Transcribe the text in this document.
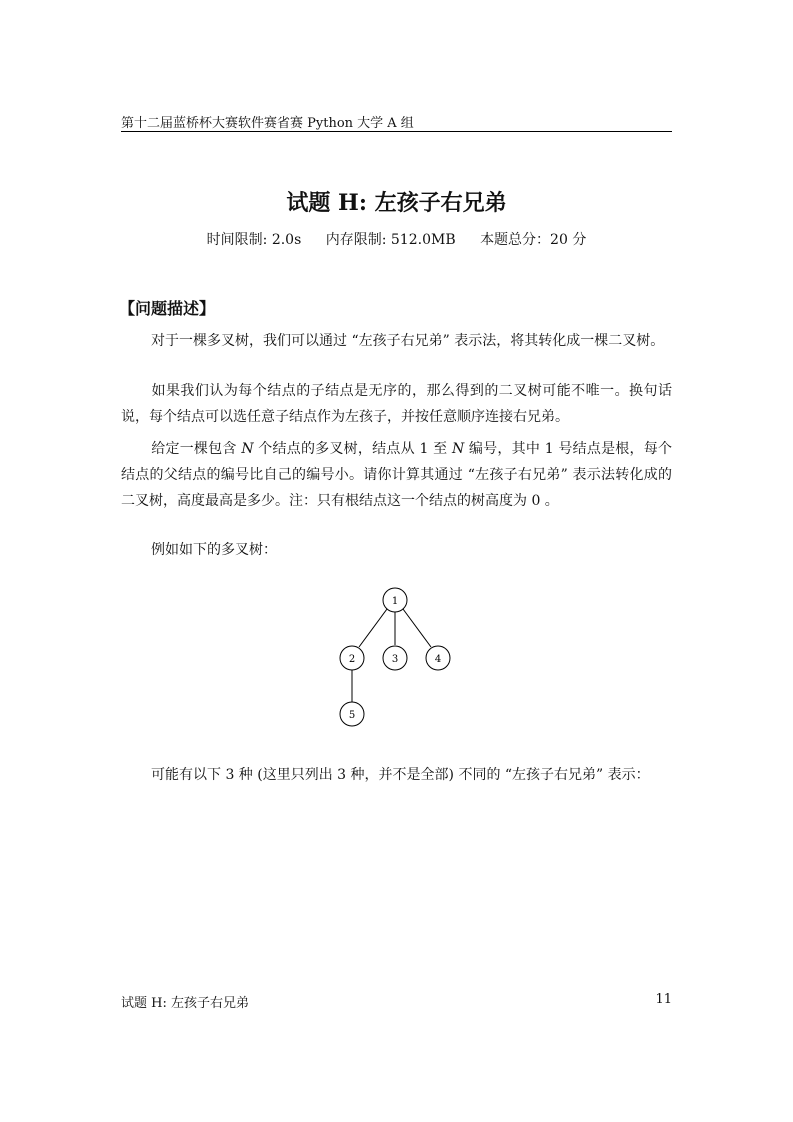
第十二届蓝桥杯大赛软件赛省赛 Python 大学 A 组
试题 H: 左孩子右兄弟
时间限制: 2.0s 内存限制: 512.0MB 本题总分：20 分
【问题描述】
对于一棵多叉树，我们可以通过 “左孩子右兄弟” 表示法，将其转化成一棵二叉树。
如果我们认为每个结点的子结点是无序的，那么得到的二叉树可能不唯一。换句话说，每个结点可以选任意子结点作为左孩子，并按任意顺序连接右兄弟。
给定一棵包含 N 个结点的多叉树，结点从 1 至 N 编号，其中 1 号结点是根，每个结点的父结点的编号比自己的编号小。请你计算其通过 “左孩子右兄弟” 表示法转化成的二叉树，高度最高是多少。注：只有根结点这一个结点的树高度为 0 。
例如如下的多叉树：
1
2	3	4
5
可能有以下 3 种 (这里只列出 3 种，并不是全部) 不同的 “左孩子右兄弟” 表示：
试题 H: 左孩子右兄弟	11
